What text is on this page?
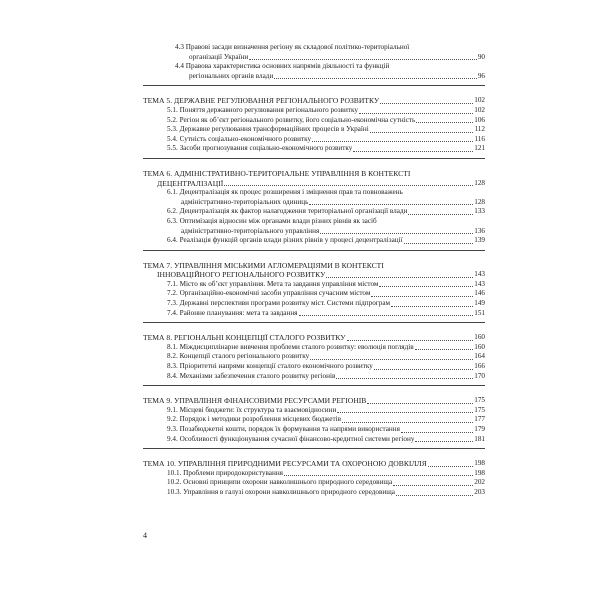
4.3 Правові засади визначення регіону як складової політико-територіальної
організації України	90
4.4 Правова характеристика основних напрямів діяльності та функцій
регіональних органів влади	96
ТЕМА 5. ДЕРЖАВНЕ РЕГУЛЮВАННЯ РЕГІОНАЛЬНОГО РОЗВИТКУ	102
5.1. Поняття державного регулювання регіонального розвитку	102
5.2. Регіон як об’єкт регіонального розвитку, його соціально-економічна сутність	106
5.3. Державне регулювання трансформаційних процесів в Україні	112
5.4. Сутність соціально-економічного розвитку	116
5.5. Засоби прогнозування соціально-економічного розвитку	121
ТЕМА 6. АДМІНІСТРАТИВНО-ТЕРИТОРІАЛЬНЕ УПРАВЛІННЯ В КОНТЕКСТІ
ДЕЦЕНТРАЛІЗАЦІЇ	128
6.1. Децентралізація як процес розширення і зміцнення прав та повноважень
адміністративно-територіальних одиниць	128
6.2. Децентралізація як фактор налагодження територіальної організації влади	133
6.3. Оптимізація відносин між органами влади різних рівнів як засіб
адміністративно-територіального управління	136
6.4. Реалізація функцій органів влади різних рівнів у процесі децентралізації	139
ТЕМА 7. УПРАВЛІННЯ МІСЬКИМИ АГЛОМЕРАЦІЯМИ В КОНТЕКСТІ
ІННОВАЦІЙНОГО РЕГІОНАЛЬНОГО РОЗВИТКУ	143
7.1. Місто як об’єкт управління. Мета та завдання управління містом	143
7.2. Організаційно-економічні засоби управління сучасним містом	146
7.3. Державні перспективи програми розвитку міст. Системи підпрограм	149
7.4. Районне планування: мета та завдання	151
ТЕМА 8. РЕГІОНАЛЬНІ КОНЦЕПЦІЇ СТАЛОГО РОЗВИТКУ	160
8.1. Міждисциплінарне вивчення проблеми сталого розвитку: еволюція поглядів	160
8.2. Концепції сталого регіонального розвитку	164
8.3. Пріоритетні напрями концепції сталого економічного розвитку	166
8.4. Механізми забезпечення сталого розвитку регіонів	170
ТЕМА 9. УПРАВЛІННЯ ФІНАНСОВИМИ РЕСУРСАМИ РЕГІОНІВ	175
9.1. Місцеві бюджети: їх структура та взаємовідносини	175
9.2. Порядок і методики розроблення місцевих бюджетів	177
9.3. Позабюджетні кошти, порядок їх формування та напрями використання	179
9.4. Особливості функціонування сучасної фінансово-кредитної системи регіону	181
ТЕМА 10. УПРАВЛІННЯ ПРИРОДНИМИ РЕСУРСАМИ ТА ОХОРОНОЮ ДОВКІЛЛЯ	198
10.1. Проблеми природокористування	198
10.2. Основні принципи охорони навколишнього природного середовища	202
10.3. Управління в галузі охорони навколишнього природного середовища	203
4
